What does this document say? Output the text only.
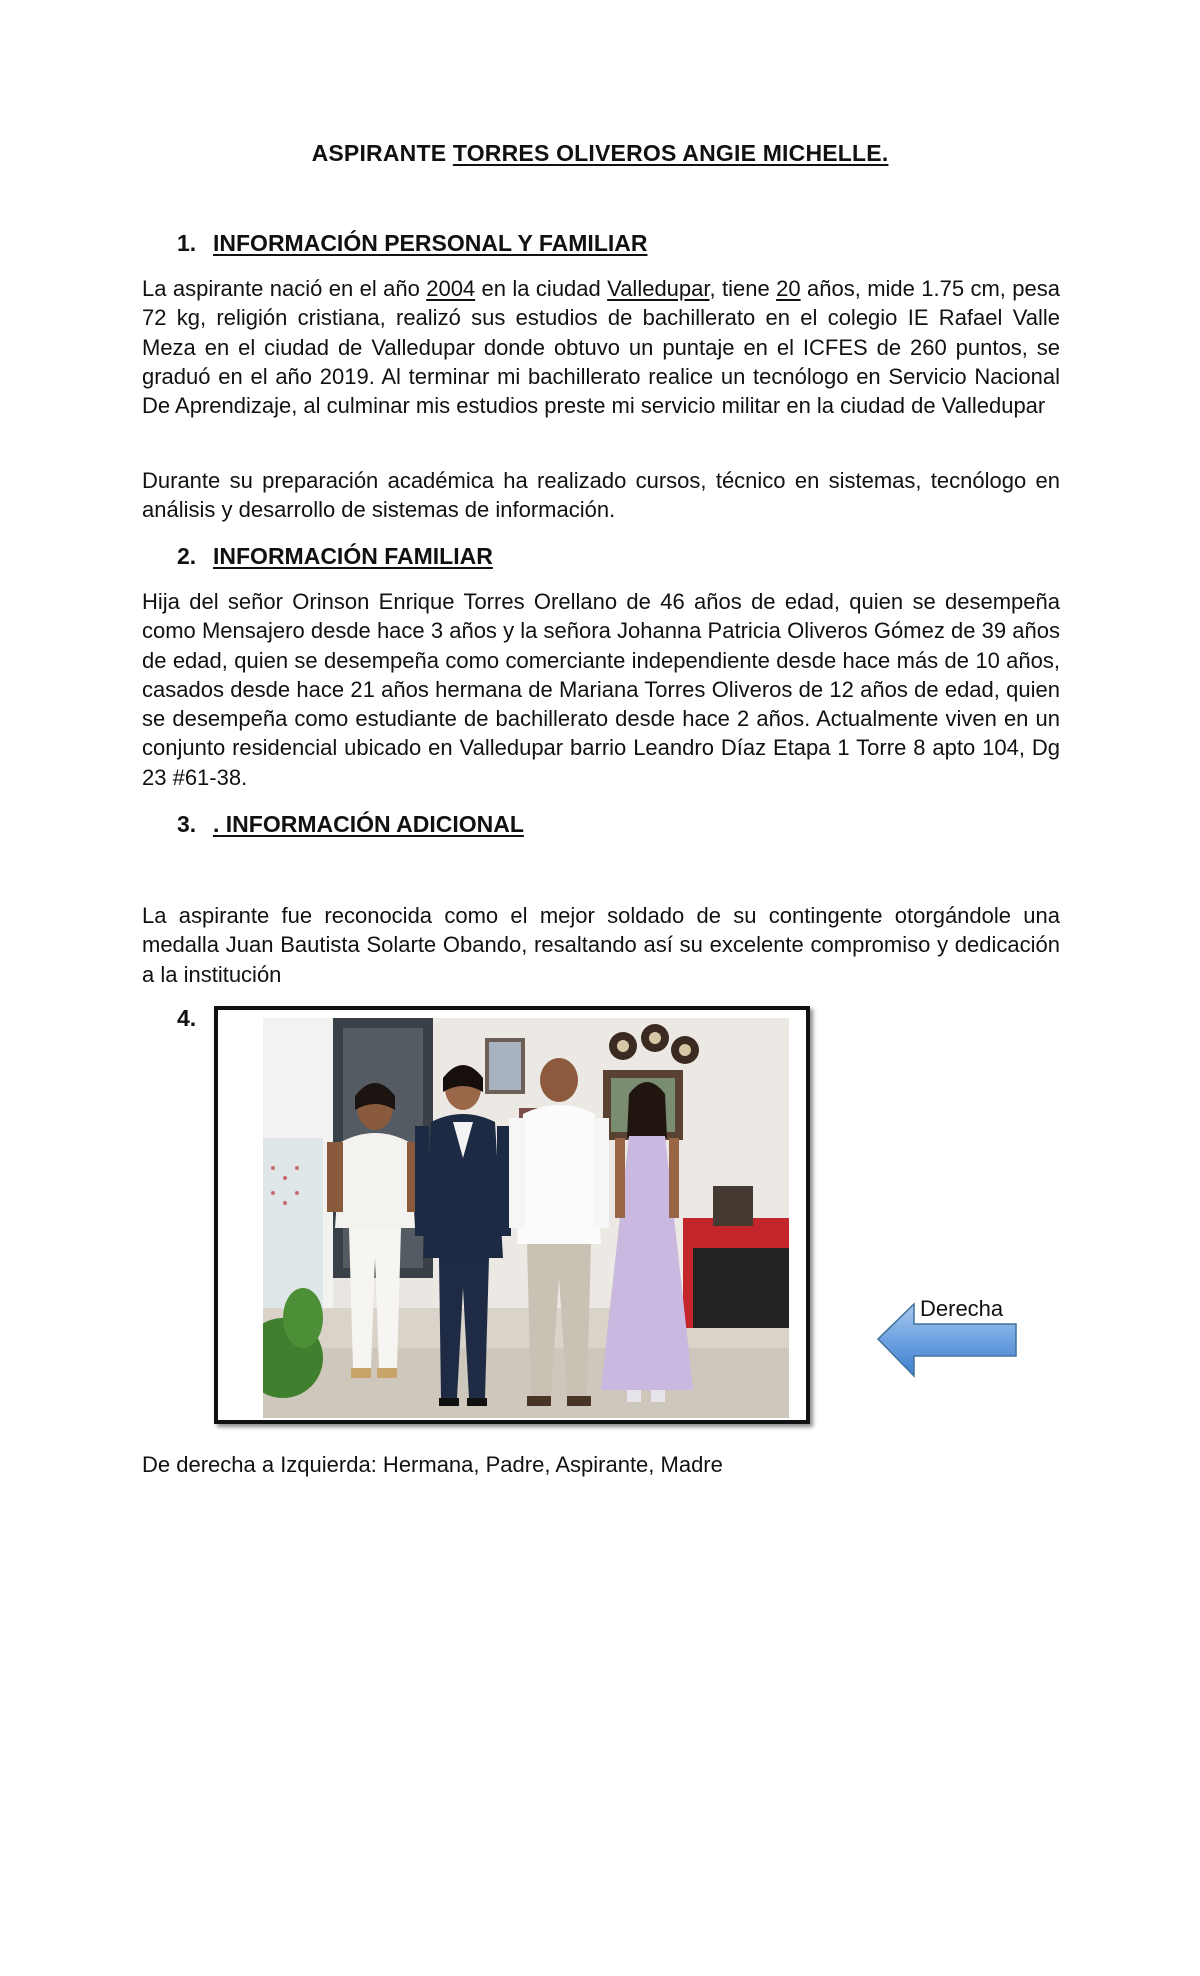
ASPIRANTE TORRES OLIVEROS ANGIE MICHELLE.
1. INFORMACIÓN PERSONAL Y FAMILIAR
La aspirante nació en el año 2004 en la ciudad Valledupar, tiene 20 años, mide 1.75 cm, pesa 72 kg, religión cristiana, realizó sus estudios de bachillerato en el colegio IE Rafael Valle Meza en el ciudad de Valledupar donde obtuvo un puntaje en el ICFES de 260 puntos, se graduó en el año 2019. Al terminar mi bachillerato realice un tecnólogo en Servicio Nacional De Aprendizaje, al culminar mis estudios preste mi servicio militar en la ciudad de Valledupar
Durante su preparación académica ha realizado cursos, técnico en sistemas, tecnólogo en análisis y desarrollo de sistemas de información.
2. INFORMACIÓN FAMILIAR
Hija del señor Orinson Enrique Torres Orellano de 46 años de edad, quien se desempeña como Mensajero desde hace 3 años y la señora Johanna Patricia Oliveros Gómez de 39 años de edad, quien se desempeña como comerciante independiente desde hace más de 10 años, casados desde hace 21 años hermana de Mariana Torres Oliveros de 12 años de edad, quien se desempeña como estudiante de bachillerato desde hace 2 años. Actualmente viven en un conjunto residencial ubicado en Valledupar barrio Leandro Díaz Etapa 1 Torre 8 apto 104, Dg 23 #61-38.
3. . INFORMACIÓN ADICIONAL
La aspirante fue reconocida como el mejor soldado de su contingente otorgándole una medalla Juan Bautista Solarte Obando, resaltando así su excelente compromiso y dedicación a la institución
4.
Derecha
De derecha a Izquierda: Hermana, Padre, Aspirante, Madre
